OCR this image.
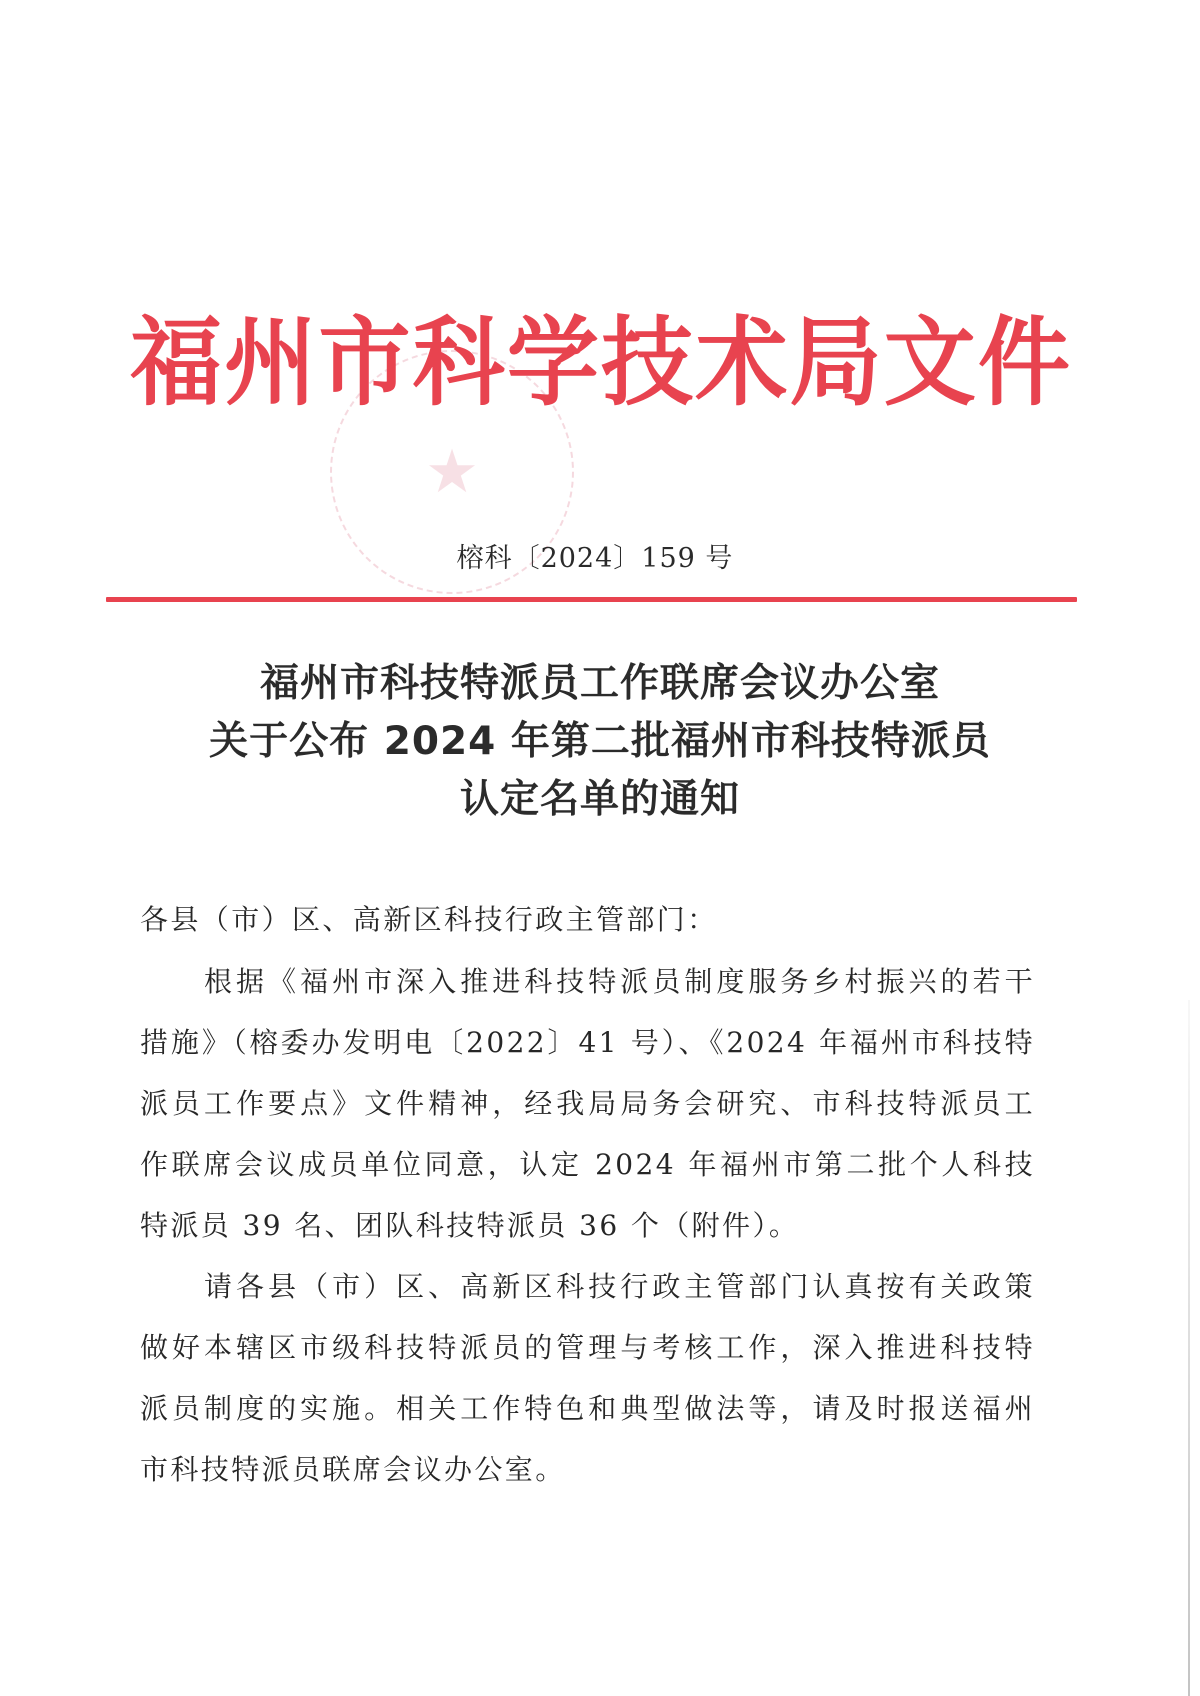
★
福 州 市 科 学 技 术 局 文 件
榕科〔2024〕159 号
福州市科技特派员工作联席会议办公室
关于公布 2024 年第二批福州市科技特派员
认定名单的通知
各县（市）区、高新区科技行政主管部门：
根据《福州市深入推进科技特派员制度服务乡村振兴的若干
措施》（榕委办发明电〔2022〕41 号）、《2024 年福州市科技特
派员工作要点》文件精神，经我局局务会研究、市科技特派员工
作联席会议成员单位同意，认定 2024 年福州市第二批个人科技
特派员 39 名、团队科技特派员 36 个（附件）。
请各县（市）区、高新区科技行政主管部门认真按有关政策
做好本辖区市级科技特派员的管理与考核工作，深入推进科技特
派员制度的实施。相关工作特色和典型做法等，请及时报送福州
市科技特派员联席会议办公室。
